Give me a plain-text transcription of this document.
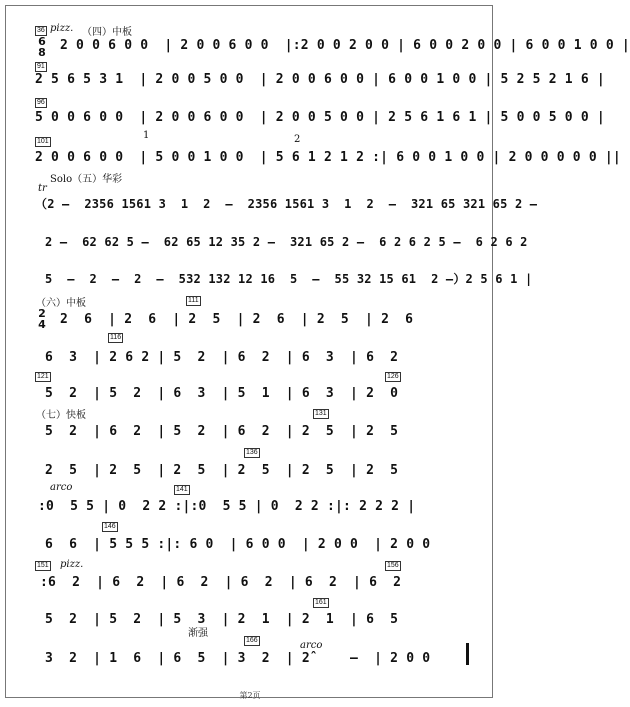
36 pizz. （四）中板
6
8 2 0 0 6 0 0  | 2 0 0 6 0 0  |:2 0 0 2 0 0 | 6 0 0 2 0 0 | 6 0 0 1 0 0 |
91
2 5 6 5 3 1  | 2 0 0 5 0 0  | 2 0 0 6 0 0 | 6 0 0 1 0 0 | 5 2 5 2 1 6 |
96
5 0 0 6 0 0  | 2 0 0 6 0 0  | 2 0 0 5 0 0 | 2 5 6 1 6 1 | 5 0 0 5 0 0 |
101
1	2
2 0 0 6 0 0  | 5 0 0 1 0 0  | 5 6 1 2 1 2 :| 6 0 0 1 0 0 | 2 0 0 0 0 0 ||
Solo（五）华彩
tr
（2 –  2356 1561 3  1  2  –  2356 1561 3  1  2  –  321 65 321 65 2 –
2 –  62 62 5 –  62 65 12 35 2 –  321 65 2 –  6 2 6 2 5 –  6 2 6 2
5  –  2  –  2  –  532 132 12 16  5  –  55 32 15 61  2 –）2 5 6 1 |
（六）中板	111
2
4 2  6  | 2  6  | 2  5  | 2  6  | 2  5  | 2  6
116
6  3  | 2 6 2 | 5  2  | 6  2  | 6  3  | 6  2
121	126
5  2  | 5  2  | 6  3  | 5  1  | 6  3  | 2  0
（七）快板	131
5  2  | 6  2  | 5  2  | 6  2  | 2  5  | 2  5
136
2  5  | 2  5  | 2  5  | 2  5  | 2  5  | 2  5
arco	141
:0  5 5 | 0  2 2 :|:0  5 5 | 0  2 2 :|: 2 2 2 |
146
6  6  | 5 5 5 :|: 6 0  | 6 0 0  | 2 0 0  | 2 0 0
151 pizz.	156
:6  2  | 6  2  | 6  2  | 6  2  | 6  2  | 6  2
161
渐强
5  2  | 5  2  | 5  3  | 2  1  | 2  1  | 6  5
166	arco
3  2  | 1  6  | 6  5  | 3  2  | 2̂     –  | 2 0 0
第2页
